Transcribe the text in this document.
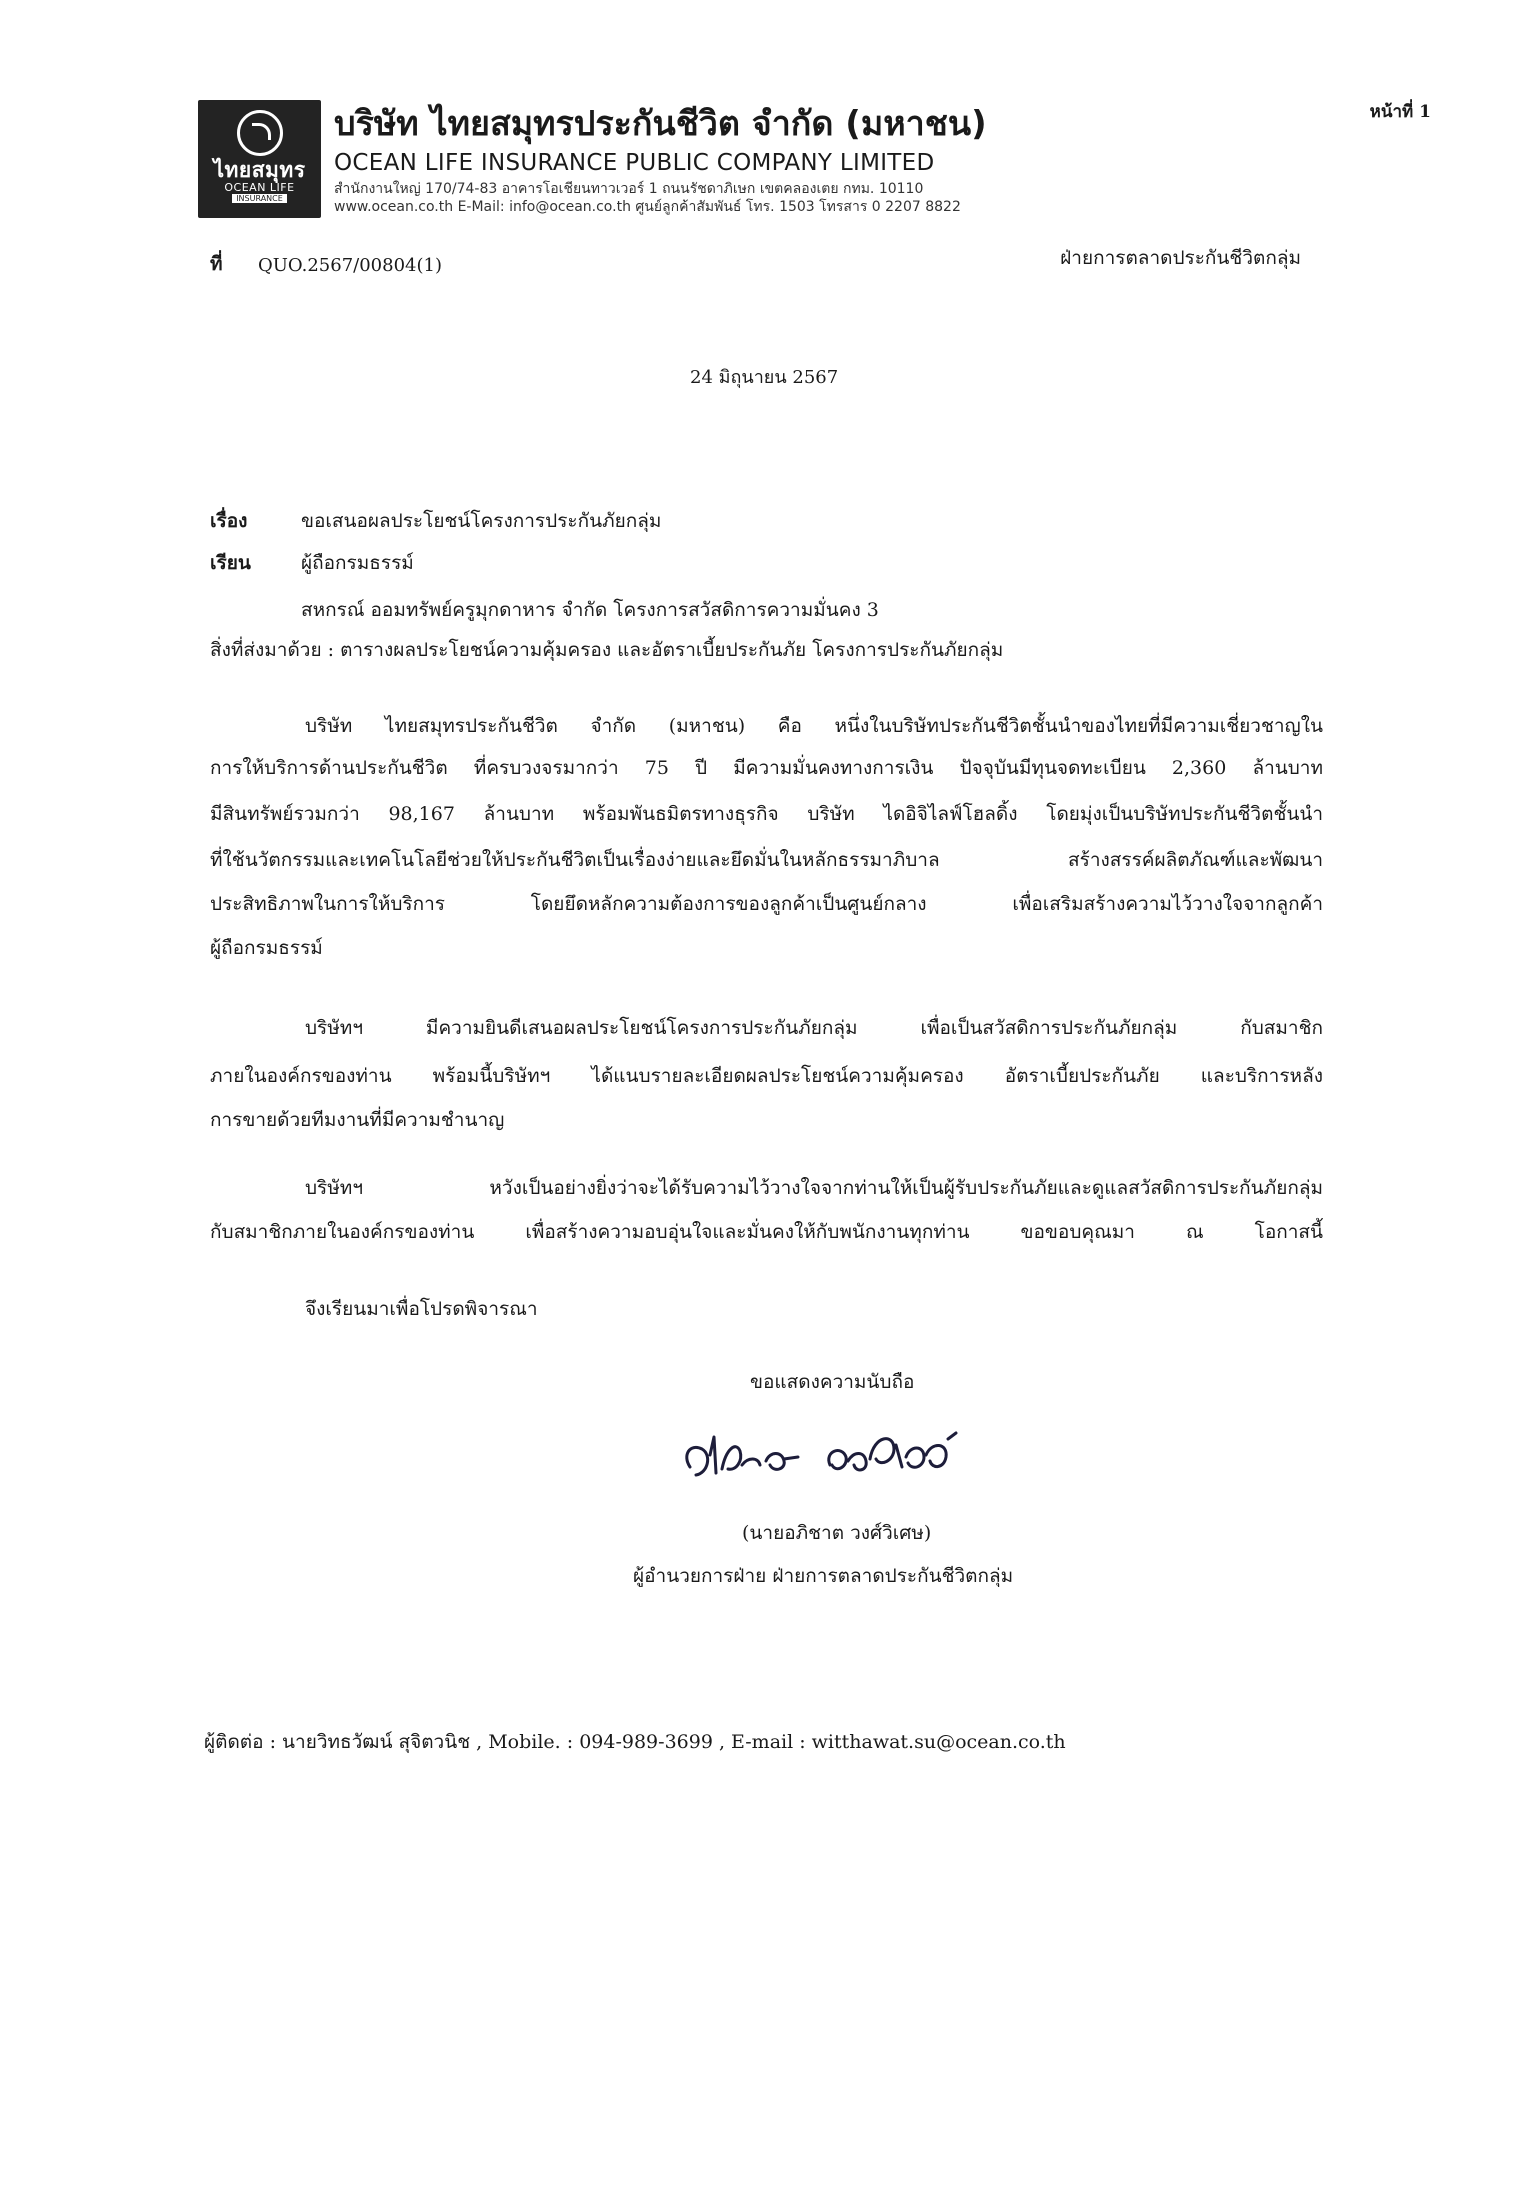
ไทยสมุทร
OCEAN LIFE
INSURANCE
บริษัท ไทยสมุทรประกันชีวิต จำกัด (มหาชน)
OCEAN LIFE INSURANCE PUBLIC COMPANY LIMITED
สำนักงานใหญ่ 170/74-83 อาคารโอเชียนทาวเวอร์ 1 ถนนรัชดาภิเษก เขตคลองเตย กทม. 10110
www.ocean.co.th E-Mail: info@ocean.co.th ศูนย์ลูกค้าสัมพันธ์ โทร. 1503 โทรสาร 0 2207 8822
หน้าที่ 1
ที่ QUO.2567/00804(1)	ฝ่ายการตลาดประกันชีวิตกลุ่ม
24 มิถุนายน 2567
เรื่อง	ขอเสนอผลประโยชน์โครงการประกันภัยกลุ่ม
เรียน	ผู้ถือกรมธรรม์
สหกรณ์ ออมทรัพย์ครูมุกดาหาร จำกัด โครงการสวัสดิการความมั่นคง 3
สิ่งที่ส่งมาด้วย : ตารางผลประโยชน์ความคุ้มครอง และอัตราเบี้ยประกันภัย โครงการประกันภัยกลุ่ม
บริษัท ไทยสมุทรประกันชีวิต จำกัด (มหาชน) คือ หนึ่งในบริษัทประกันชีวิตชั้นนำของไทยที่มีความเชี่ยวชาญใน
การให้บริการด้านประกันชีวิต ที่ครบวงจรมากว่า 75 ปี มีความมั่นคงทางการเงิน ปัจจุบันมีทุนจดทะเบียน 2,360 ล้านบาท
มีสินทรัพย์รวมกว่า 98,167 ล้านบาท พร้อมพันธมิตรทางธุรกิจ บริษัท ไดอิจิไลฟ์โฮลดิ้ง โดยมุ่งเป็นบริษัทประกันชีวิตชั้นนำ
ที่ใช้นวัตกรรมและเทคโนโลยีช่วยให้ประกันชีวิตเป็นเรื่องง่ายและยึดมั่นในหลักธรรมาภิบาล สร้างสรรค์ผลิตภัณฑ์และพัฒนา
ประสิทธิภาพในการให้บริการ โดยยึดหลักความต้องการของลูกค้าเป็นศูนย์กลาง เพื่อเสริมสร้างความไว้วางใจจากลูกค้า
ผู้ถือกรมธรรม์
บริษัทฯ มีความยินดีเสนอผลประโยชน์โครงการประกันภัยกลุ่ม เพื่อเป็นสวัสดิการประกันภัยกลุ่ม กับสมาชิก
ภายในองค์กรของท่าน พร้อมนี้บริษัทฯ ได้แนบรายละเอียดผลประโยชน์ความคุ้มครอง อัตราเบี้ยประกันภัย และบริการหลัง
การขายด้วยทีมงานที่มีความชำนาญ
บริษัทฯ หวังเป็นอย่างยิ่งว่าจะได้รับความไว้วางใจจากท่านให้เป็นผู้รับประกันภัยและดูแลสวัสดิการประกันภัยกลุ่ม
กับสมาชิกภายในองค์กรของท่าน เพื่อสร้างความอบอุ่นใจและมั่นคงให้กับพนักงานทุกท่าน ขอขอบคุณมา ณ โอกาสนี้
จึงเรียนมาเพื่อโปรดพิจารณา
ขอแสดงความนับถือ
(นายอภิชาต วงศ์วิเศษ)
ผู้อำนวยการฝ่าย ฝ่ายการตลาดประกันชีวิตกลุ่ม
ผู้ติดต่อ : นายวิทธวัฒน์ สุจิตวนิช , Mobile. : 094-989-3699 , E-mail : witthawat.su@ocean.co.th
